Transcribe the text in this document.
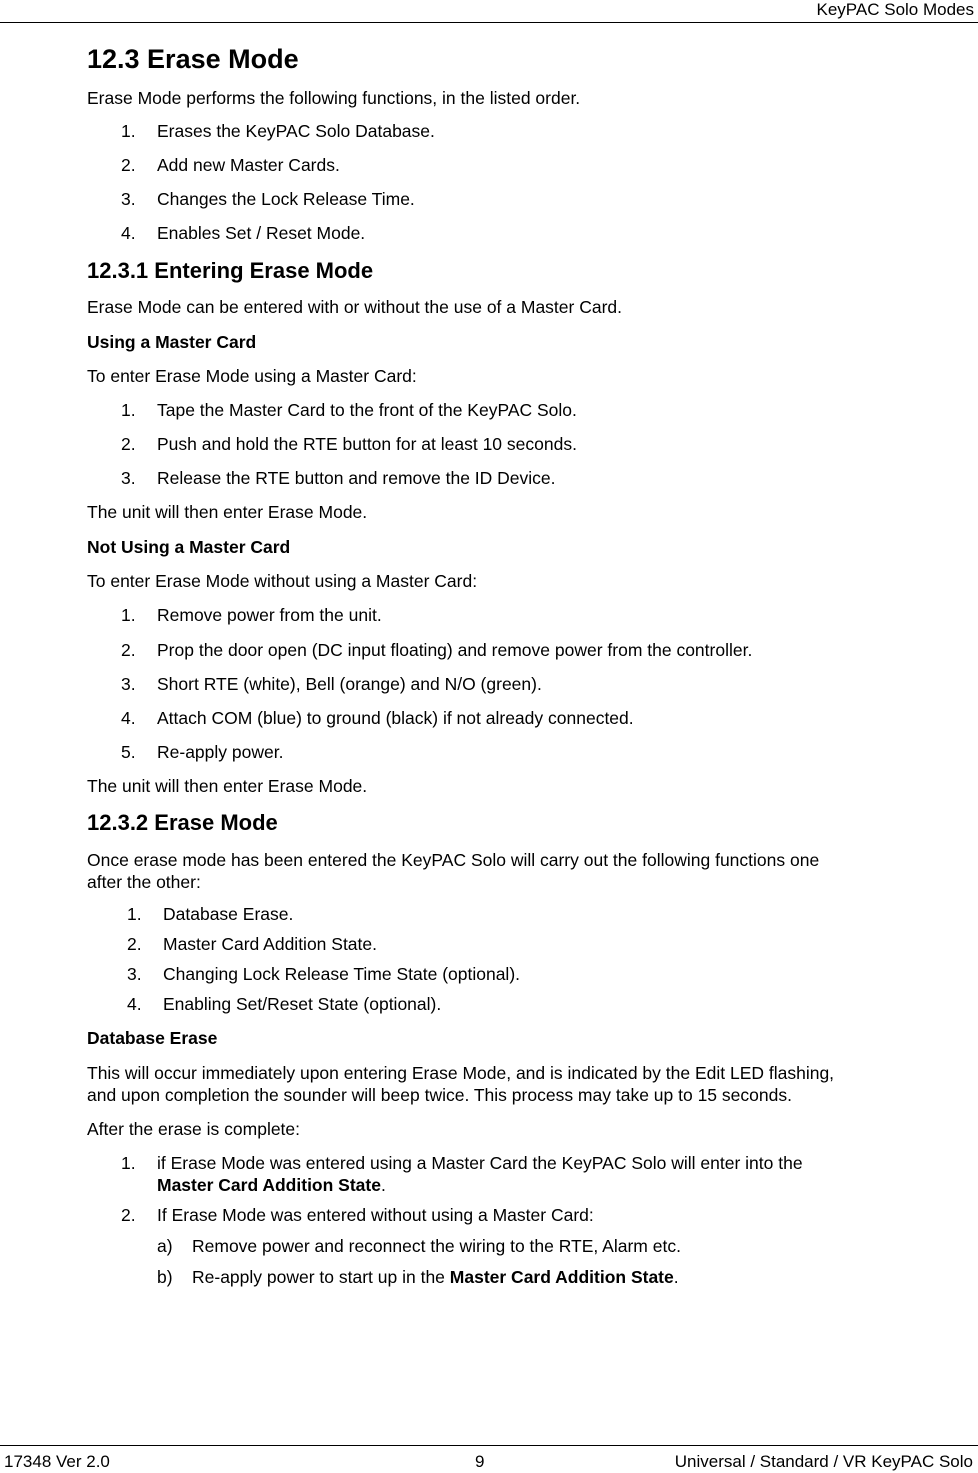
KeyPAC Solo Modes
12.3 Erase Mode
Erase Mode performs the following functions, in the listed order.
1. Erases the KeyPAC Solo Database.
2. Add new Master Cards.
3. Changes the Lock Release Time.
4. Enables Set / Reset Mode.
12.3.1 Entering Erase Mode
Erase Mode can be entered with or without the use of a Master Card.
Using a Master Card
To enter Erase Mode using a Master Card:
1. Tape the Master Card to the front of the KeyPAC Solo.
2. Push and hold the RTE button for at least 10 seconds.
3. Release the RTE button and remove the ID Device.
The unit will then enter Erase Mode.
Not Using a Master Card
To enter Erase Mode without using a Master Card:
1. Remove power from the unit.
2. Prop the door open (DC input floating) and remove power from the controller.
3. Short RTE (white), Bell (orange) and N/O (green).
4. Attach COM (blue) to ground (black) if not already connected.
5. Re-apply power.
The unit will then enter Erase Mode.
12.3.2 Erase Mode
Once erase mode has been entered the KeyPAC Solo will carry out the following functions one
after the other:
1. Database Erase.
2. Master Card Addition State.
3. Changing Lock Release Time State (optional).
4. Enabling Set/Reset State (optional).
Database Erase
This will occur immediately upon entering Erase Mode, and is indicated by the Edit LED flashing,
and upon completion the sounder will beep twice. This process may take up to 15 seconds.
After the erase is complete:
1. if Erase Mode was entered using a Master Card the KeyPAC Solo will enter into the
Master Card Addition State.
2. If Erase Mode was entered without using a Master Card:
a) Remove power and reconnect the wiring to the RTE, Alarm etc.
b) Re-apply power to start up in the Master Card Addition State.
17348 Ver 2.0	9	Universal / Standard / VR KeyPAC Solo
